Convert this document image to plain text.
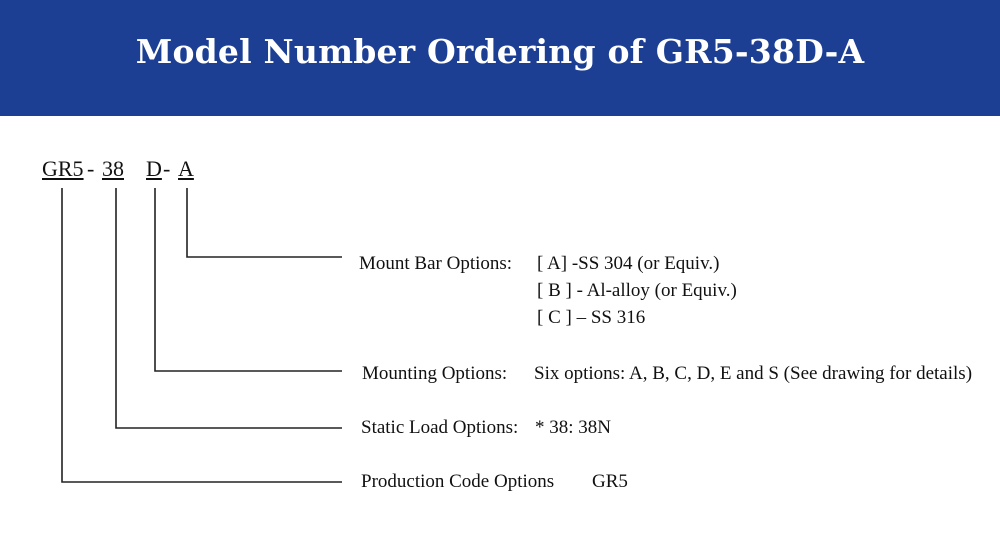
Model Number Ordering of GR5-38D-A
GR5 - 38 D - A
Mount Bar Options: [ A] -SS 304 (or Equiv.)
[ B ] - Al-alloy (or Equiv.)
[ C ] – SS 316
Mounting Options: Six options: A, B, C, D, E and S (See drawing for details)
Static Load Options: * 38: 38N
Production Code Options GR5
